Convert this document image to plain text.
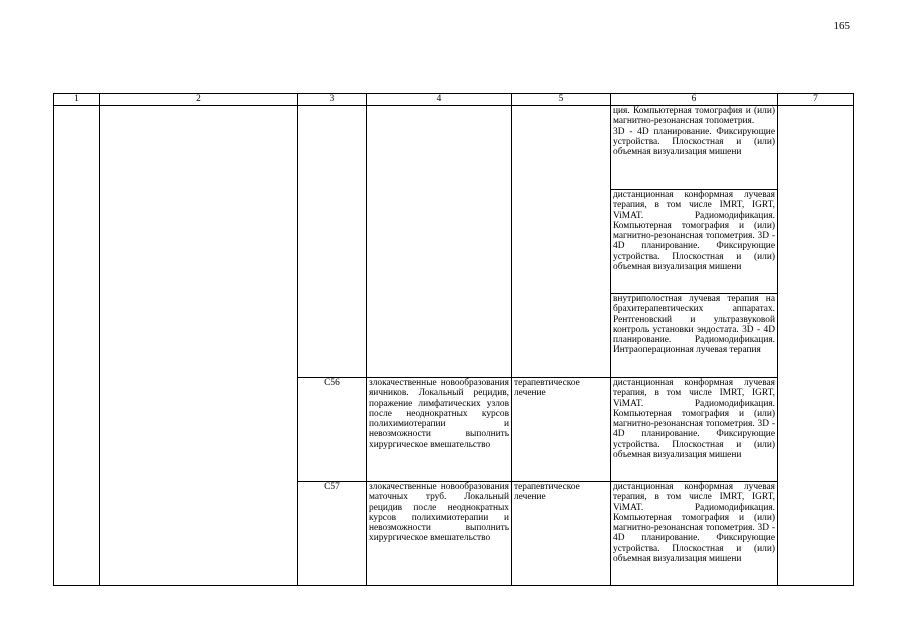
165
1	2	3	4	5	6	7
					ция. Компьютерная томография и (или) магнитно-резонансная топометрия.
3D - 4D планирование. Фиксирующие устройства. Плоскостная и (или) объемная визуализация мишени	
					дистанционная конформная лучевая терапия, в том числе IMRT, IGRT, ViMAT. Радиомодификация. Компьютерная томография и (или) магнитно-резонансная топометрия. 3D - 4D планирование. Фиксирующие устройства. Плоскостная и (или) объемная визуализация мишени	
					внутриполостная лучевая терапия на брахитерапевтических аппаратах. Рентгеновский и ультразвуковой контроль установки эндостата. 3D - 4D планирование. Радиомодификация. Интраоперационная лучевая терапия	
		C56	злокачественные новообразования яичников. Локальный рецидив, поражение лимфатических узлов после неоднократных курсов полихимиотерапии и невозможности выполнить хирургическое вмешательство	терапевтическое лечение	дистанционная конформная лучевая терапия, в том числе IMRT, IGRT, ViMAT. Радиомодификация. Компьютерная томография и (или) магнитно-резонансная топометрия. 3D - 4D планирование. Фиксирующие устройства. Плоскостная и (или) объемная визуализация мишени	
		C57	злокачественные новообразования маточных труб. Локальный рецидив после неоднократных курсов полихимиотерапии и невозможности выполнить хирургическое вмешательство	терапевтическое лечение	дистанционная конформная лучевая терапия, в том числе IMRT, IGRT, ViMAT. Радиомодификация. Компьютерная томография и (или) магнитно-резонансная топометрия. 3D - 4D планирование. Фиксирующие устройства. Плоскостная и (или) объемная визуализация мишени	
